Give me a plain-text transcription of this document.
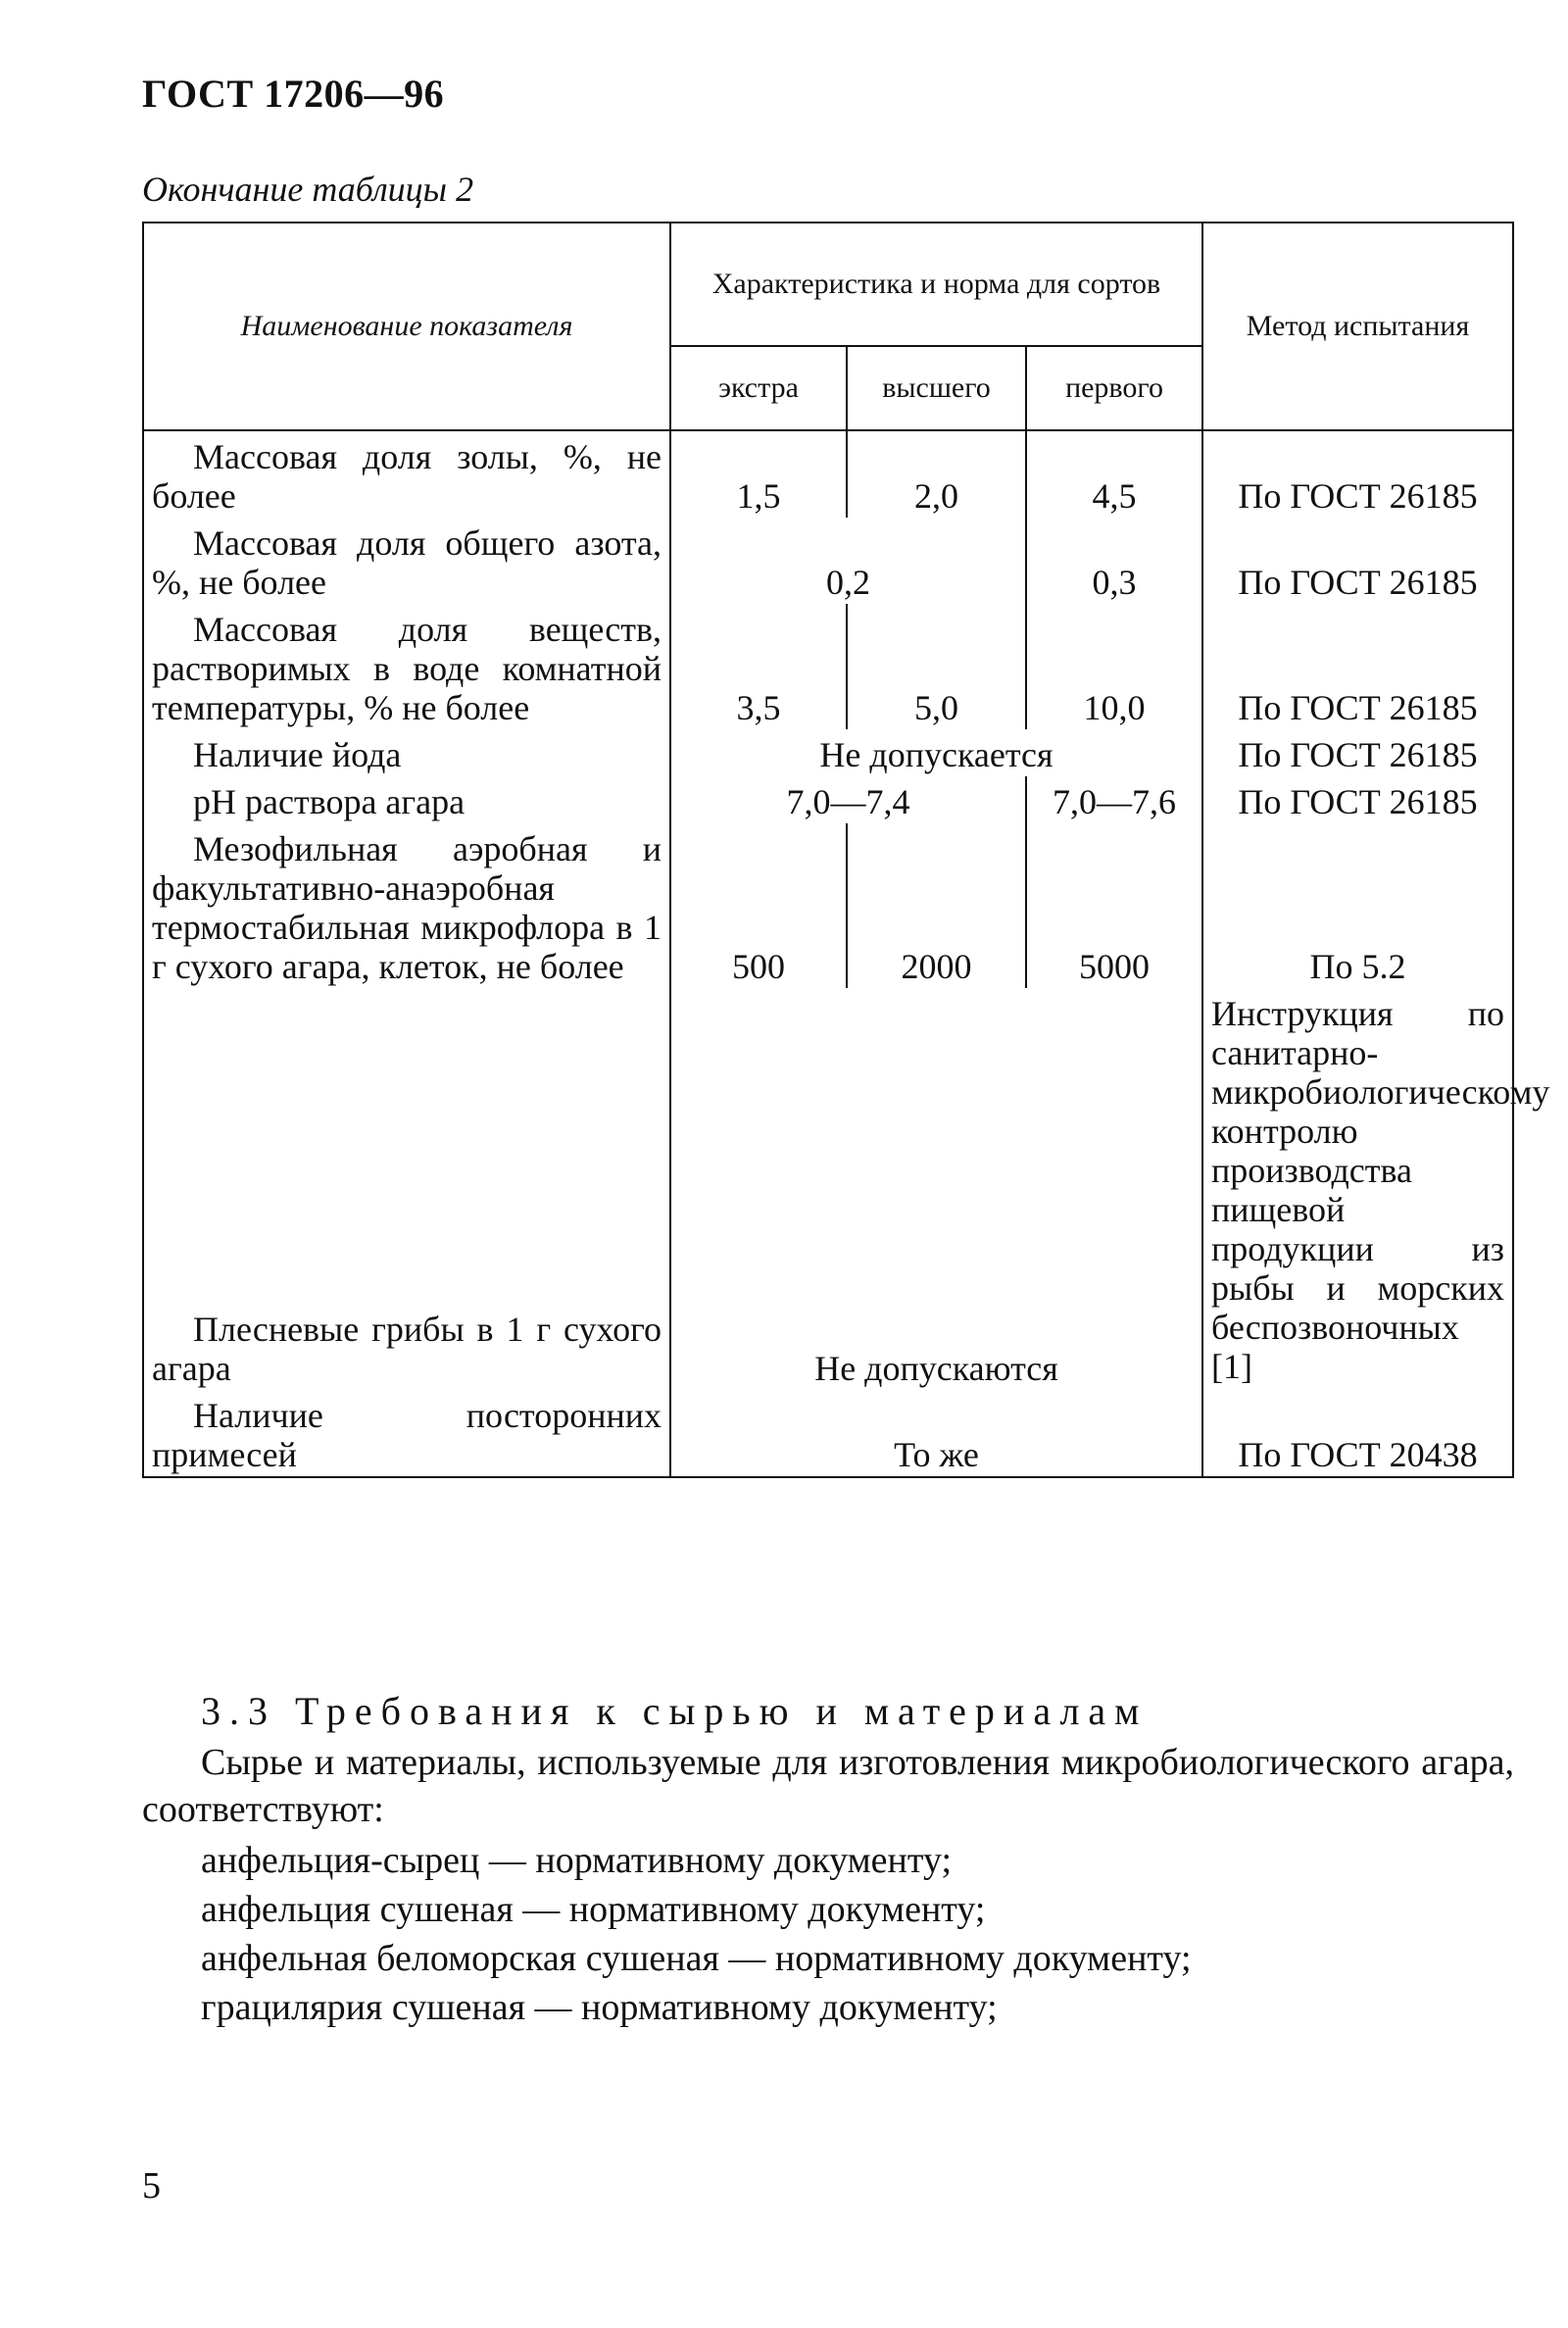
ГОСТ 17206—96
Окончание таблицы 2
Наименование показателя	Характеристика и норма для сортов			Метод испытания
	экстра	высшего	первого	
Массовая доля золы, %, не более	1,5	2,0	4,5	По ГОСТ 26185
Массовая доля общего азота, %, не более	0,2		0,3	По ГОСТ 26185
Массовая доля веществ, растворимых в воде комнатной температуры, % не более	3,5	5,0	10,0	По ГОСТ 26185
Наличие йода	Не допускается			По ГОСТ 26185
pH раствора агара	7,0—7,4		7,0—7,6	По ГОСТ 26185
Мезофильная аэробная и факультативно-анаэробная термостабильная микрофлора в 1 г сухого агара, клеток, не более	500	2000	5000	По 5.2
Плесневые грибы в 1 г сухого агара	Не допускаются			Инструкция по санитарно-микробиологическому контролю производства пищевой продукции из рыбы и морских беспозвоночных [1]
Наличие посторонних примесей	То же			По ГОСТ 20438
3.3 Требования к сырью и материалам
Сырье и материалы, используемые для изготовления микробиологического агара, соответствуют:
анфельция-сырец — нормативному документу;
анфельция сушеная — нормативному документу;
анфельная беломорская сушеная — нормативному документу;
грацилярия сушеная — нормативному документу;
5
